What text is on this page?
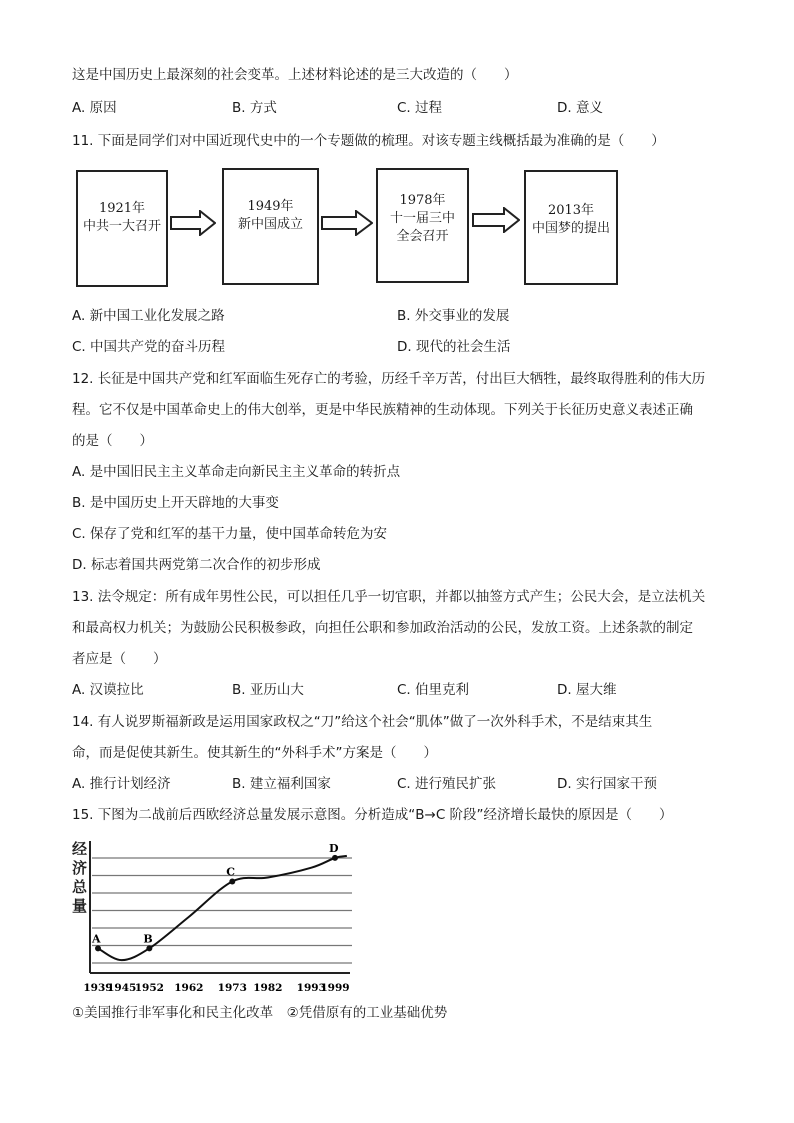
这是中国历史上最深刻的社会变革。上述材料论述的是三大改造的（　　）
A. 原因	B. 方式	C. 过程	D. 意义
11. 下面是同学们对中国近现代史中的一个专题做的梳理。对该专题主线概括最为准确的是（　　）
1921年
中共一大召开
1949年
新中国成立
1978年
十一届三中
全会召开
2013年
中国梦的提出
A. 新中国工业化发展之路	B. 外交事业的发展
C. 中国共产党的奋斗历程	D. 现代的社会生活
12. 长征是中国共产党和红军面临生死存亡的考验，历经千辛万苦，付出巨大牺牲，最终取得胜利的伟大历
程。它不仅是中国革命史上的伟大创举，更是中华民族精神的生动体现。下列关于长征历史意义表述正确
的是（　　）
A. 是中国旧民主主义革命走向新民主主义革命的转折点
B. 是中国历史上开天辟地的大事变
C. 保存了党和红军的基干力量，使中国革命转危为安
D. 标志着国共两党第二次合作的初步形成
13. 法令规定：所有成年男性公民，可以担任几乎一切官职，并都以抽签方式产生；公民大会，是立法机关
和最高权力机关；为鼓励公民积极参政，向担任公职和参加政治活动的公民，发放工资。上述条款的制定
者应是（　　）
A. 汉谟拉比	B. 亚历山大	C. 伯里克利	D. 屋大维
14. 有人说罗斯福新政是运用国家政权之“刀”给这个社会“肌体”做了一次外科手术，不是结束其生
命，而是促使其新生。使其新生的“外科手术”方案是（　　）
A. 推行计划经济	B. 建立福利国家	C. 进行殖民扩张	D. 实行国家干预
15. 下图为二战前后西欧经济总量发展示意图。分析造成“B→C 阶段”经济增长最快的原因是（　　）
经济总量
A	B
C
D
1939
1945
1952 1962 1973 1982 1993
1999
①美国推行非军事化和民主化改革　②凭借原有的工业基础优势
